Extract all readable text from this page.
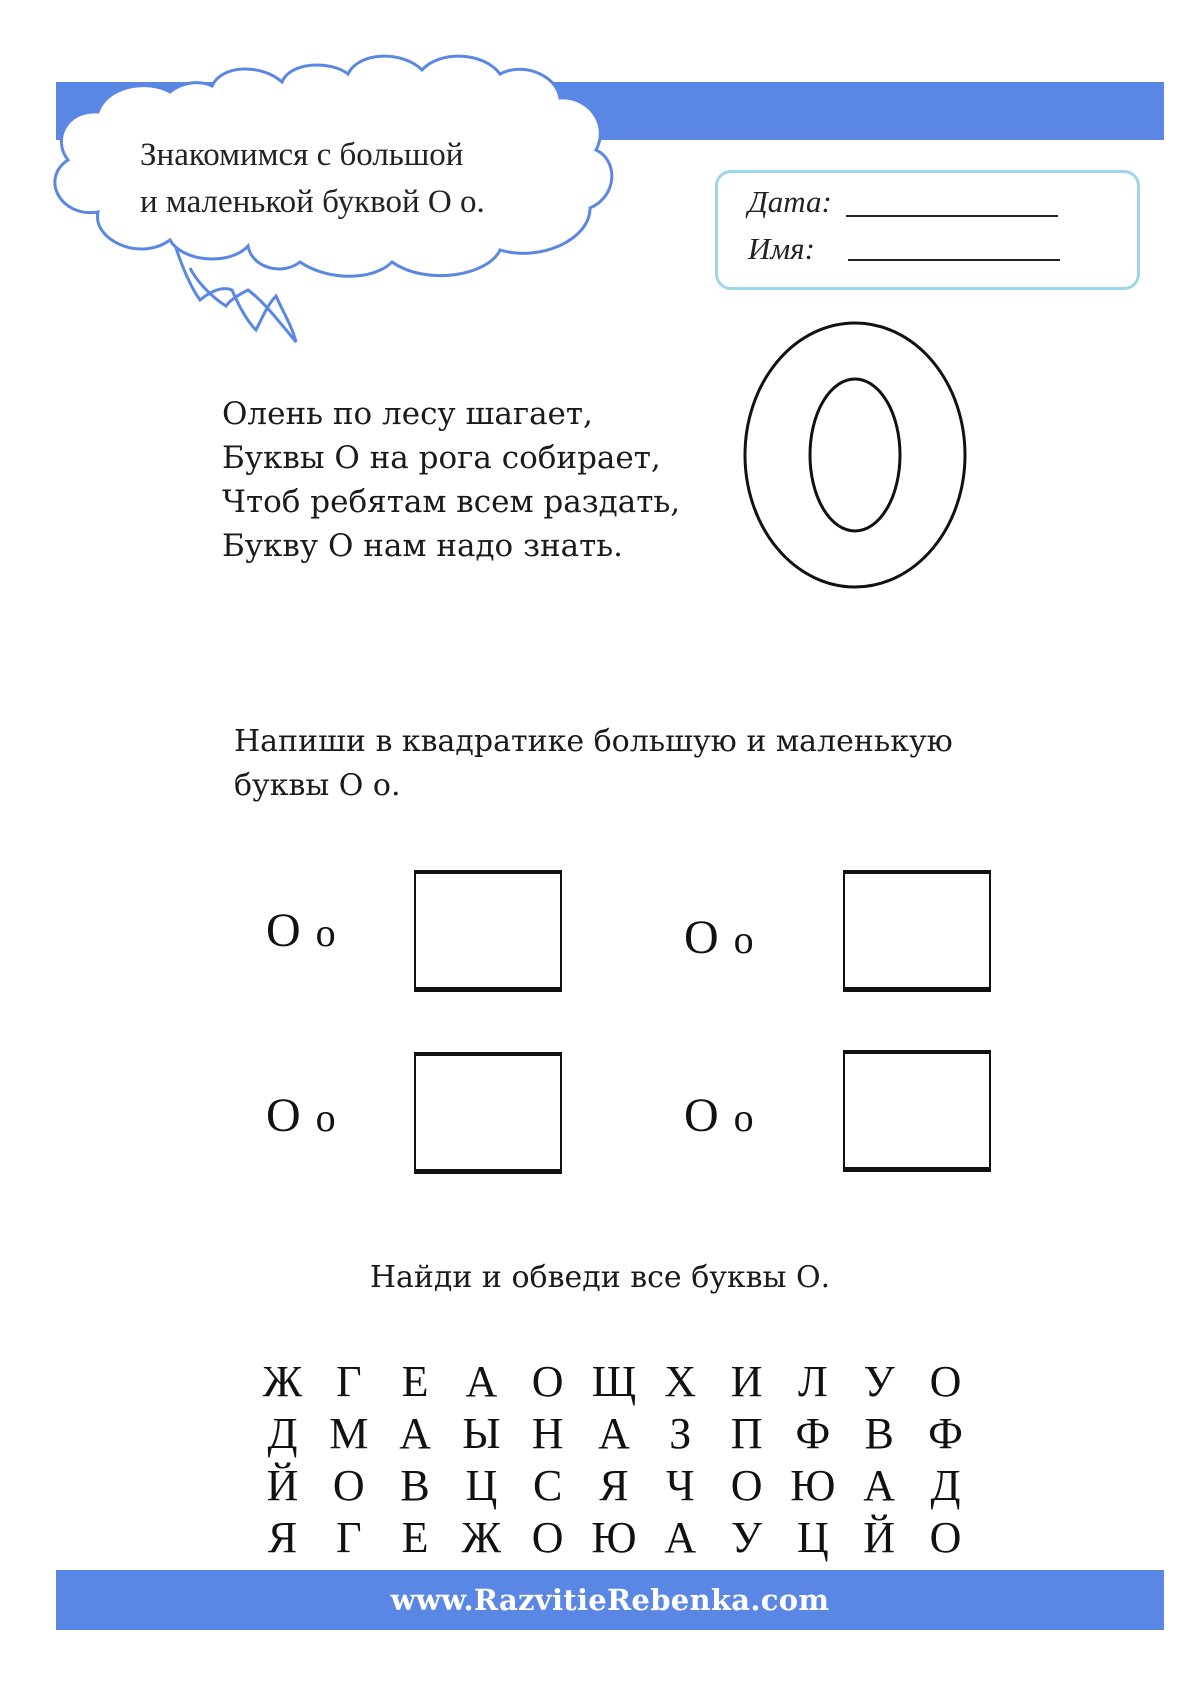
Знакомимся с большой
и маленькой буквой О о.	Дата:
Имя:
Олень по лесу шагает,
Буквы О на рога собирает,
Чтоб ребятам всем раздать,
Букву О нам надо знать.
Напиши в квадратике большую и маленькую
буквы О о.
О о	О о
О о	О о
Найди и обведи все буквы О.
Ж Г Е А О Щ Х И Л У О
Д М А Ы Н А З П Ф В Ф
Й О В Ц С Я Ч О Ю А Д
Я Г Е Ж О Ю А У Ц Й О
www.RazvitieRebenka.com
